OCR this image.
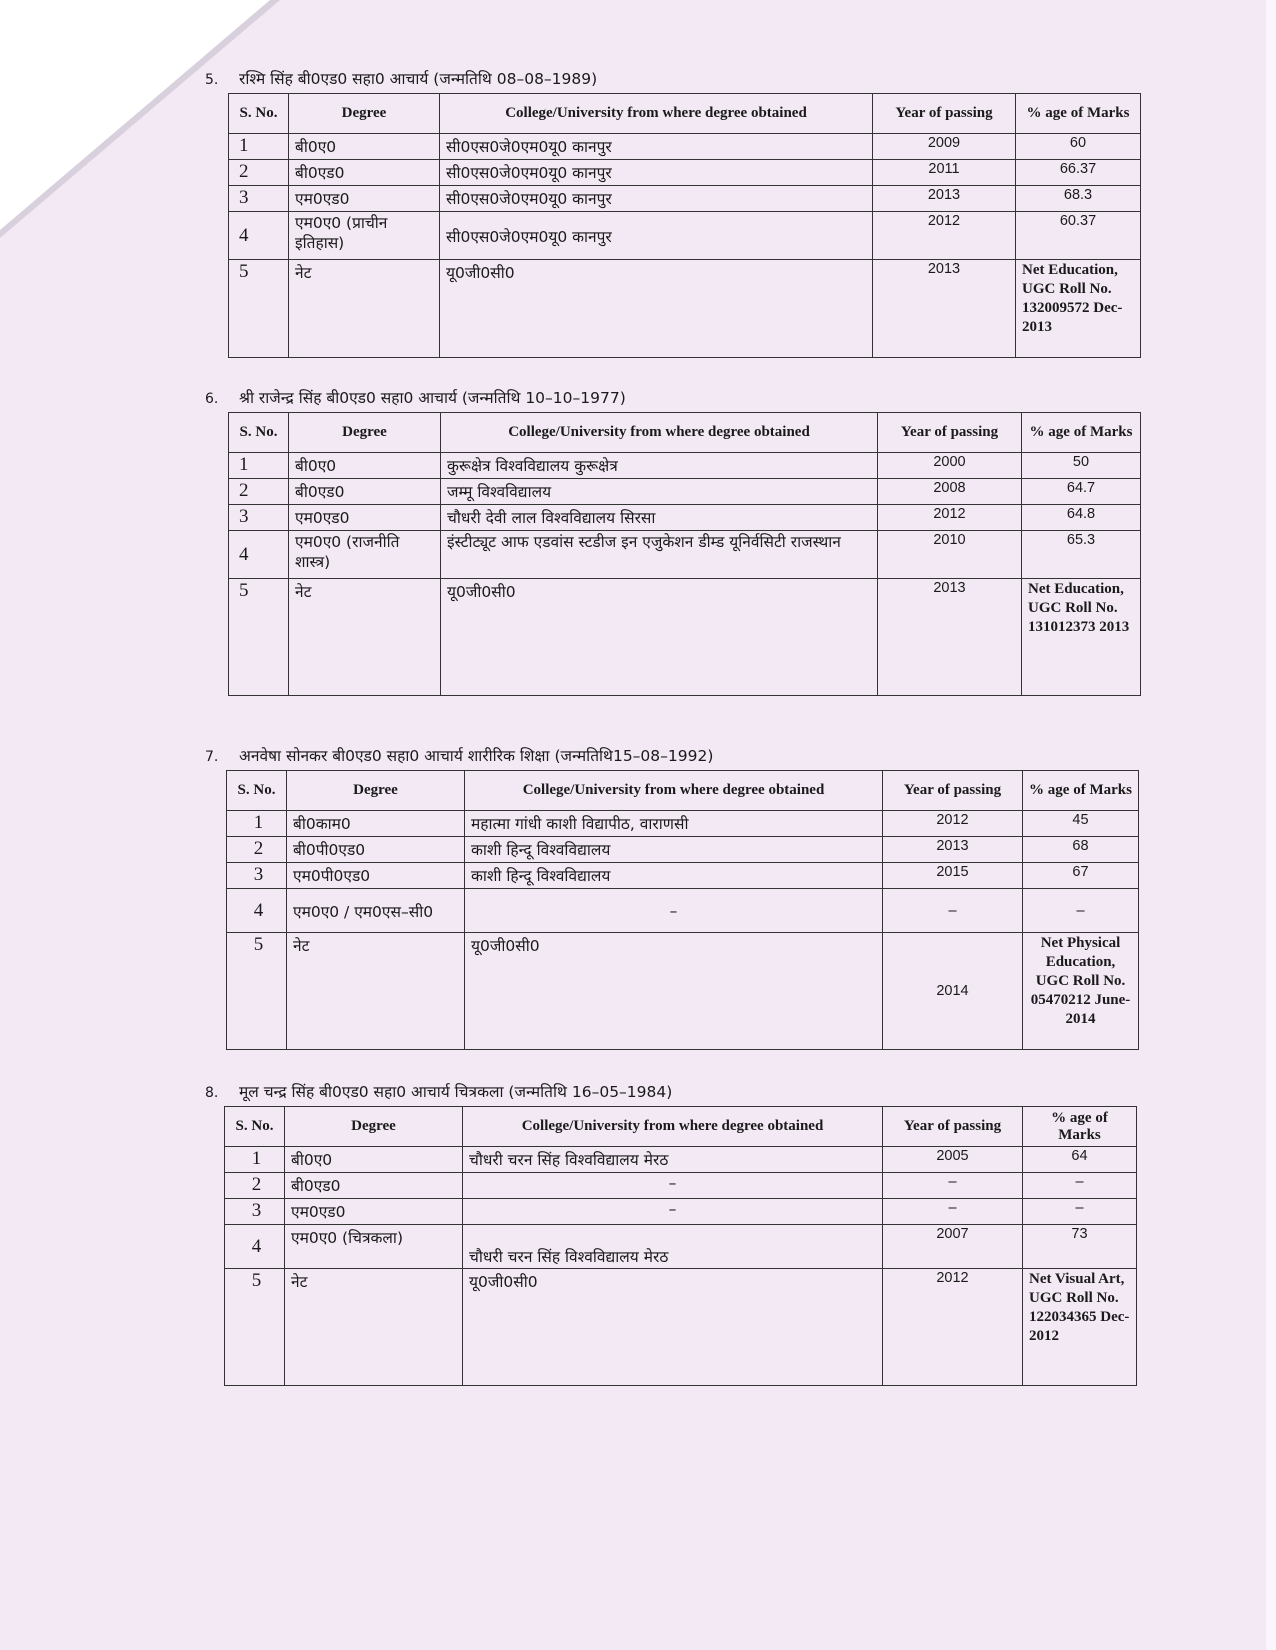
5. रश्मि सिंह बी0एड0 सहा0 आचार्य (जन्मतिथि 08–08–1989)
S. No.	Degree	College/University from where degree obtained	Year of passing	% age of Marks
1	बी0ए0	सी0एस0जे0एम0यू0 कानपुर	2009	60
2	बी0एड0	सी0एस0जे0एम0यू0 कानपुर	2011	66.37
3	एम0एड0	सी0एस0जे0एम0यू0 कानपुर	2013	68.3
4	एम0ए0 (प्राचीन इतिहास)	सी0एस0जे0एम0यू0 कानपुर	2012	60.37
5	नेट	यू0जी0सी0	2013	Net Education, UGC Roll No. 132009572 Dec-2013
6. श्री राजेन्द्र सिंह बी0एड0 सहा0 आचार्य (जन्मतिथि 10–10–1977)
S. No.	Degree	College/University from where degree obtained	Year of passing	% age of Marks
1	बी0ए0	कुरूक्षेत्र विश्वविद्यालय कुरूक्षेत्र	2000	50
2	बी0एड0	जम्मू विश्वविद्यालय	2008	64.7
3	एम0एड0	चौधरी देवी लाल विश्वविद्यालय सिरसा	2012	64.8
4	एम0ए0 (राजनीति शास्त्र)	इंस्टीट्यूट आफ एडवांस स्टडीज इन एजुकेशन डीम्ड यूनिर्वसिटी राजस्थान	2010	65.3
5	नेट	यू0जी0सी0	2013	Net Education, UGC Roll No. 131012373 2013
7. अनवेषा सोनकर बी0एड0 सहा0 आचार्य शारीरिक शिक्षा (जन्मतिथि15–08–1992)
S. No.	Degree	College/University from where degree obtained	Year of passing	% age of Marks
1	बी0काम0	महात्मा गांधी काशी विद्यापीठ, वाराणसी	2012	45
2	बी0पी0एड0	काशी हिन्दू विश्वविद्यालय	2013	68
3	एम0पी0एड0	काशी हिन्दू विश्वविद्यालय	2015	67
4	एम0ए0 / एम0एस–सी0	–	–	–
5	नेट	यू0जी0सी0	2014	Net Physical Education, UGC Roll No. 05470212 June-2014
8. मूल चन्द्र सिंह बी0एड0 सहा0 आचार्य चित्रकला (जन्मतिथि 16–05–1984)
S. No.	Degree	College/University from where degree obtained	Year of passing	% age of Marks
1	बी0ए0	चौधरी चरन सिंह विश्वविद्यालय मेरठ	2005	64
2	बी0एड0	–	–	–
3	एम0एड0	–	–	–
4	एम0ए0 (चित्रकला)	चौधरी चरन सिंह विश्वविद्यालय मेरठ	2007	73
5	नेट	यू0जी0सी0	2012	Net Visual Art, UGC Roll No. 122034365 Dec-2012
